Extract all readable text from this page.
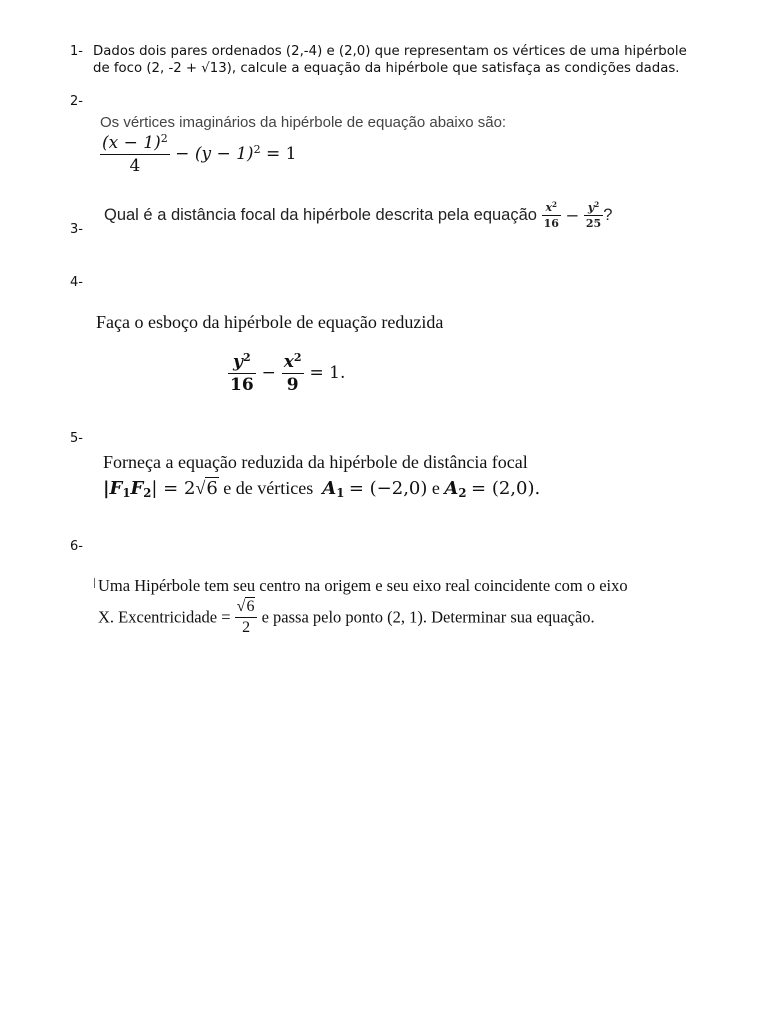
1- Dados dois pares ordenados (2,-4) e (2,0) que representam os vértices de uma hipérbole de foco (2, -2 + √13), calcule a equação da hipérbole que satisfaça as condições dadas.
2-
Os vértices imaginários da hipérbole de equação abaixo são:
$\frac{(x - 1)^2}{4} - (y - 1)^2 = 1$
3-
Qual é a distância focal da hipérbole descrita pela equação $\frac{x^2}{16} - \frac{y^2}{25}$ ?
4-
Faça o esboço da hipérbole de equação reduzida
$\frac{y^2}{16} - \frac{x^2}{9} = 1$.
5-
Forneça a equação reduzida da hipérbole de distância focal
$|F_1F_2| = 2√6$ e de vértices $A_1 = (-2,0)$ e $A_2 = (2,0)$.
6-
Uma Hipérbole tem seu centro na origem e seu eixo real coincidente com o eixo
X. Excentricidade = $\frac{√6}{2}$ e passa pelo ponto (2, 1). Determinar sua equação.
